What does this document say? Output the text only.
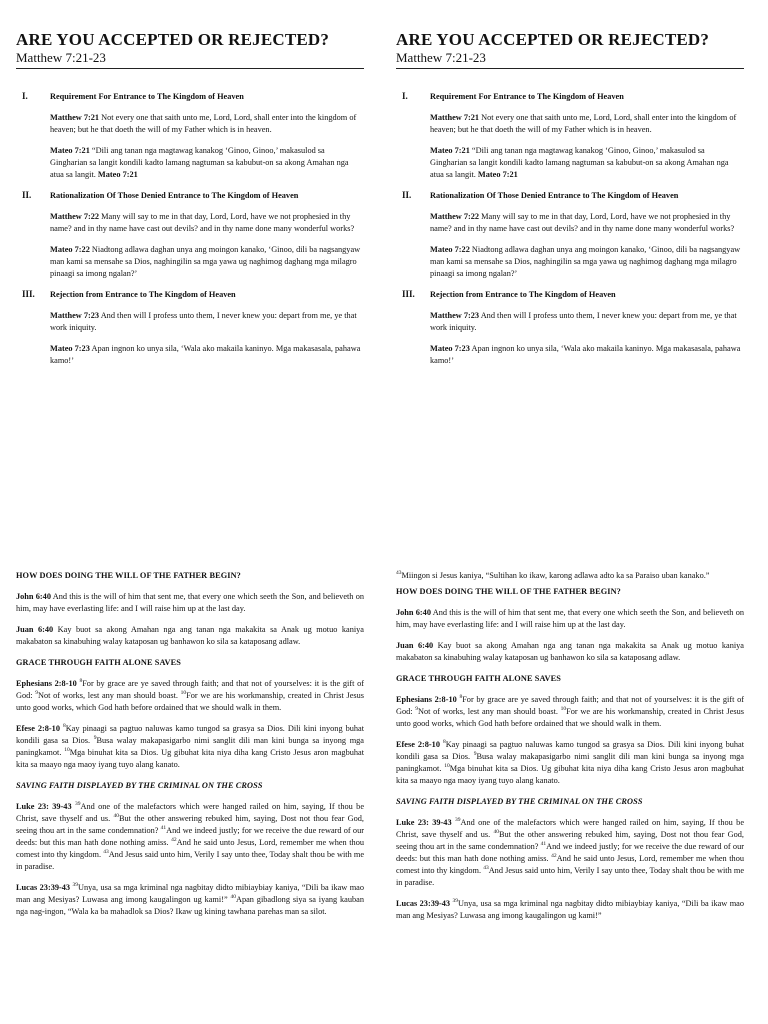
ARE YOU ACCEPTED OR REJECTED?
Matthew 7:21-23
I.	Requirement For Entrance to The Kingdom of Heaven

Matthew 7:21 Not every one that saith unto me, Lord, Lord, shall enter into the kingdom of heaven; but he that doeth the will of my Father which is in heaven.

Mateo 7:21 “Dili ang tanan nga magtawag kanakog ‘Ginoo, Ginoo,’ makasulod sa Gingharian sa langit kondili kadto lamang nagtuman sa kabubut-on sa akong Amahan nga atua sa langit. Mateo 7:21

II. Rationalization Of Those Denied Entrance to The Kingdom of Heaven

Matthew 7:22 Many will say to me in that day, Lord, Lord, have we not prophesied in thy name? and in thy name have cast out devils? and in thy name done many wonderful works?

Mateo 7:22 Niadtong adlawa daghan unya ang moingon kanako, ‘Ginoo, dili ba nagsangyaw man kami sa mensahe sa Dios, naghingilin sa mga yawa ug naghimog daghang mga milagro pinaagi sa imong ngalan?’

III. Rejection from Entrance to The Kingdom of Heaven

Matthew 7:23 And then will I profess unto them, I never knew you: depart from me, ye that work iniquity.

Mateo 7:23 Apan ingnon ko unya sila, ‘Wala ako makaila kaninyo. Mga makasasala, pahawa kamo!’

ARE YOU ACCEPTED OR REJECTED?
Matthew 7:21-23
I.	Requirement For Entrance to The Kingdom of Heaven

Matthew 7:21 Not every one that saith unto me, Lord, Lord, shall enter into the kingdom of heaven; but he that doeth the will of my Father which is in heaven.

Mateo 7:21 “Dili ang tanan nga magtawag kanakog ‘Ginoo, Ginoo,’ makasulod sa Gingharian sa langit kondili kadto lamang nagtuman sa kabubut-on sa akong Amahan nga atua sa langit. Mateo 7:21

II. Rationalization Of Those Denied Entrance to The Kingdom of Heaven

Matthew 7:22 Many will say to me in that day, Lord, Lord, have we not prophesied in thy name? and in thy name have cast out devils? and in thy name done many wonderful works?

Mateo 7:22 Niadtong adlawa daghan unya ang moingon kanako, ‘Ginoo, dili ba nagsangyaw man kami sa mensahe sa Dios, naghingilin sa mga yawa ug naghimog daghang mga milagro pinaagi sa imong ngalan?’

III. Rejection from Entrance to The Kingdom of Heaven

Matthew 7:23 And then will I profess unto them, I never knew you: depart from me, ye that work iniquity.

Mateo 7:23 Apan ingnon ko unya sila, ‘Wala ako makaila kaninyo. Mga makasasala, pahawa kamo!’

HOW DOES DOING THE WILL OF THE FATHER BEGIN?

John 6:40 And this is the will of him that sent me, that every one which seeth the Son, and believeth on him, may have everlasting life: and I will raise him up at the last day.

Juan 6:40 Kay buot sa akong Amahan nga ang tanan nga makakita sa Anak ug motuo kaniya makabaton sa kinabuhing walay kataposan ug banhawon ko sila sa kataposang adlaw.

GRACE THROUGH FAITH ALONE SAVES

Ephesians 2:8-10 $^8$For by grace are ye saved through faith; and that not of yourselves: it is the gift of God: $^9$Not of works, lest any man should boast. $^{10}$For we are his workmanship, created in Christ Jesus unto good works, which God hath before ordained that we should walk in them.

Efese 2:8-10 $^8$Kay pinaagi sa pagtuo naluwas kamo tungod sa grasya sa Dios. Dili kini inyong buhat kondili gasa sa Dios. $^9$Busa walay makapasigarbo nimi sanglit dili man kini bunga sa inyong mga paningkamot. $^{10}$Mga binuhat kita sa Dios. Ug gibuhat kita niya diha kang Cristo Jesus aron magbuhat kita sa maayo nga maoy iyang tuyo alang kanato.

SAVING FAITH DISPLAYED BY THE CRIMINAL ON THE CROSS

Luke 23: 39-43 $^{39}$And one of the malefactors which were hanged railed on him, saying, If thou be Christ, save thyself and us. $^{40}$But the other answering rebuked him, saying, Dost not thou fear God, seeing thou art in the same condemnation? $^{41}$And we indeed justly; for we receive the due reward of our deeds: but this man hath done nothing amiss. $^{42}$And he said unto Jesus, Lord, remember me when thou comest into thy kingdom. $^{43}$And Jesus said unto him, Verily I say unto thee, Today shalt thou be with me in paradise.

Lucas 23:39-43 $^{39}$Unya, usa sa mga kriminal nga nagbitay didto mibiaybiay kaniya, “Dili ba ikaw mao man ang Mesiyas? Luwasa ang imong kaugalingon ug kami!” $^{40}$Apan gibadlong siya sa iyang kauban nga nag-ingon, “Wala ka ba mahadlok sa Dios? Ikaw ug kining tawhana parehas man sa silot.

$^{43}$Miingon si Jesus kaniya, “Sultihan ko ikaw, karong adlawa adto ka sa Paraiso uban kanako.”

HOW DOES DOING THE WILL OF THE FATHER BEGIN?

John 6:40 And this is the will of him that sent me, that every one which seeth the Son, and believeth on him, may have everlasting life: and I will raise him up at the last day.

Juan 6:40 Kay buot sa akong Amahan nga ang tanan nga makakita sa Anak ug motuo kaniya makabaton sa kinabuhing walay kataposan ug banhawon ko sila sa kataposang adlaw.

GRACE THROUGH FAITH ALONE SAVES

Ephesians 2:8-10 $^8$For by grace are ye saved through faith; and that not of yourselves: it is the gift of God: $^9$Not of works, lest any man should boast. $^{10}$For we are his workmanship, created in Christ Jesus unto good works, which God hath before ordained that we should walk in them.

Efese 2:8-10 $^8$Kay pinaagi sa pagtuo naluwas kamo tungod sa grasya sa Dios. Dili kini inyong buhat kondili gasa sa Dios. $^9$Busa walay makapasigarbo nimi sanglit dili man kini bunga sa inyong mga paningkamot. $^{10}$Mga binuhat kita sa Dios. Ug gibuhat kita niya diha kang Cristo Jesus aron magbuhat kita sa maayo nga maoy iyang tuyo alang kanato.

SAVING FAITH DISPLAYED BY THE CRIMINAL ON THE CROSS

Luke 23: 39-43 $^{39}$And one of the malefactors which were hanged railed on him, saying, If thou be Christ, save thyself and us. $^{40}$But the other answering rebuked him, saying, Dost not thou fear God, seeing thou art in the same condemnation? $^{41}$And we indeed justly; for we receive the due reward of our deeds: but this man hath done nothing amiss. $^{42}$And he said unto Jesus, Lord, remember me when thou comest into thy kingdom. $^{43}$And Jesus said unto him, Verily I say unto thee, Today shalt thou be with me in paradise.

Lucas 23:39-43 $^{39}$Unya, usa sa mga kriminal nga nagbitay didto mibiaybiay kaniya, “Dili ba ikaw mao man ang Mesiyas? Luwasa ang imong kaugalingon ug kami!”
